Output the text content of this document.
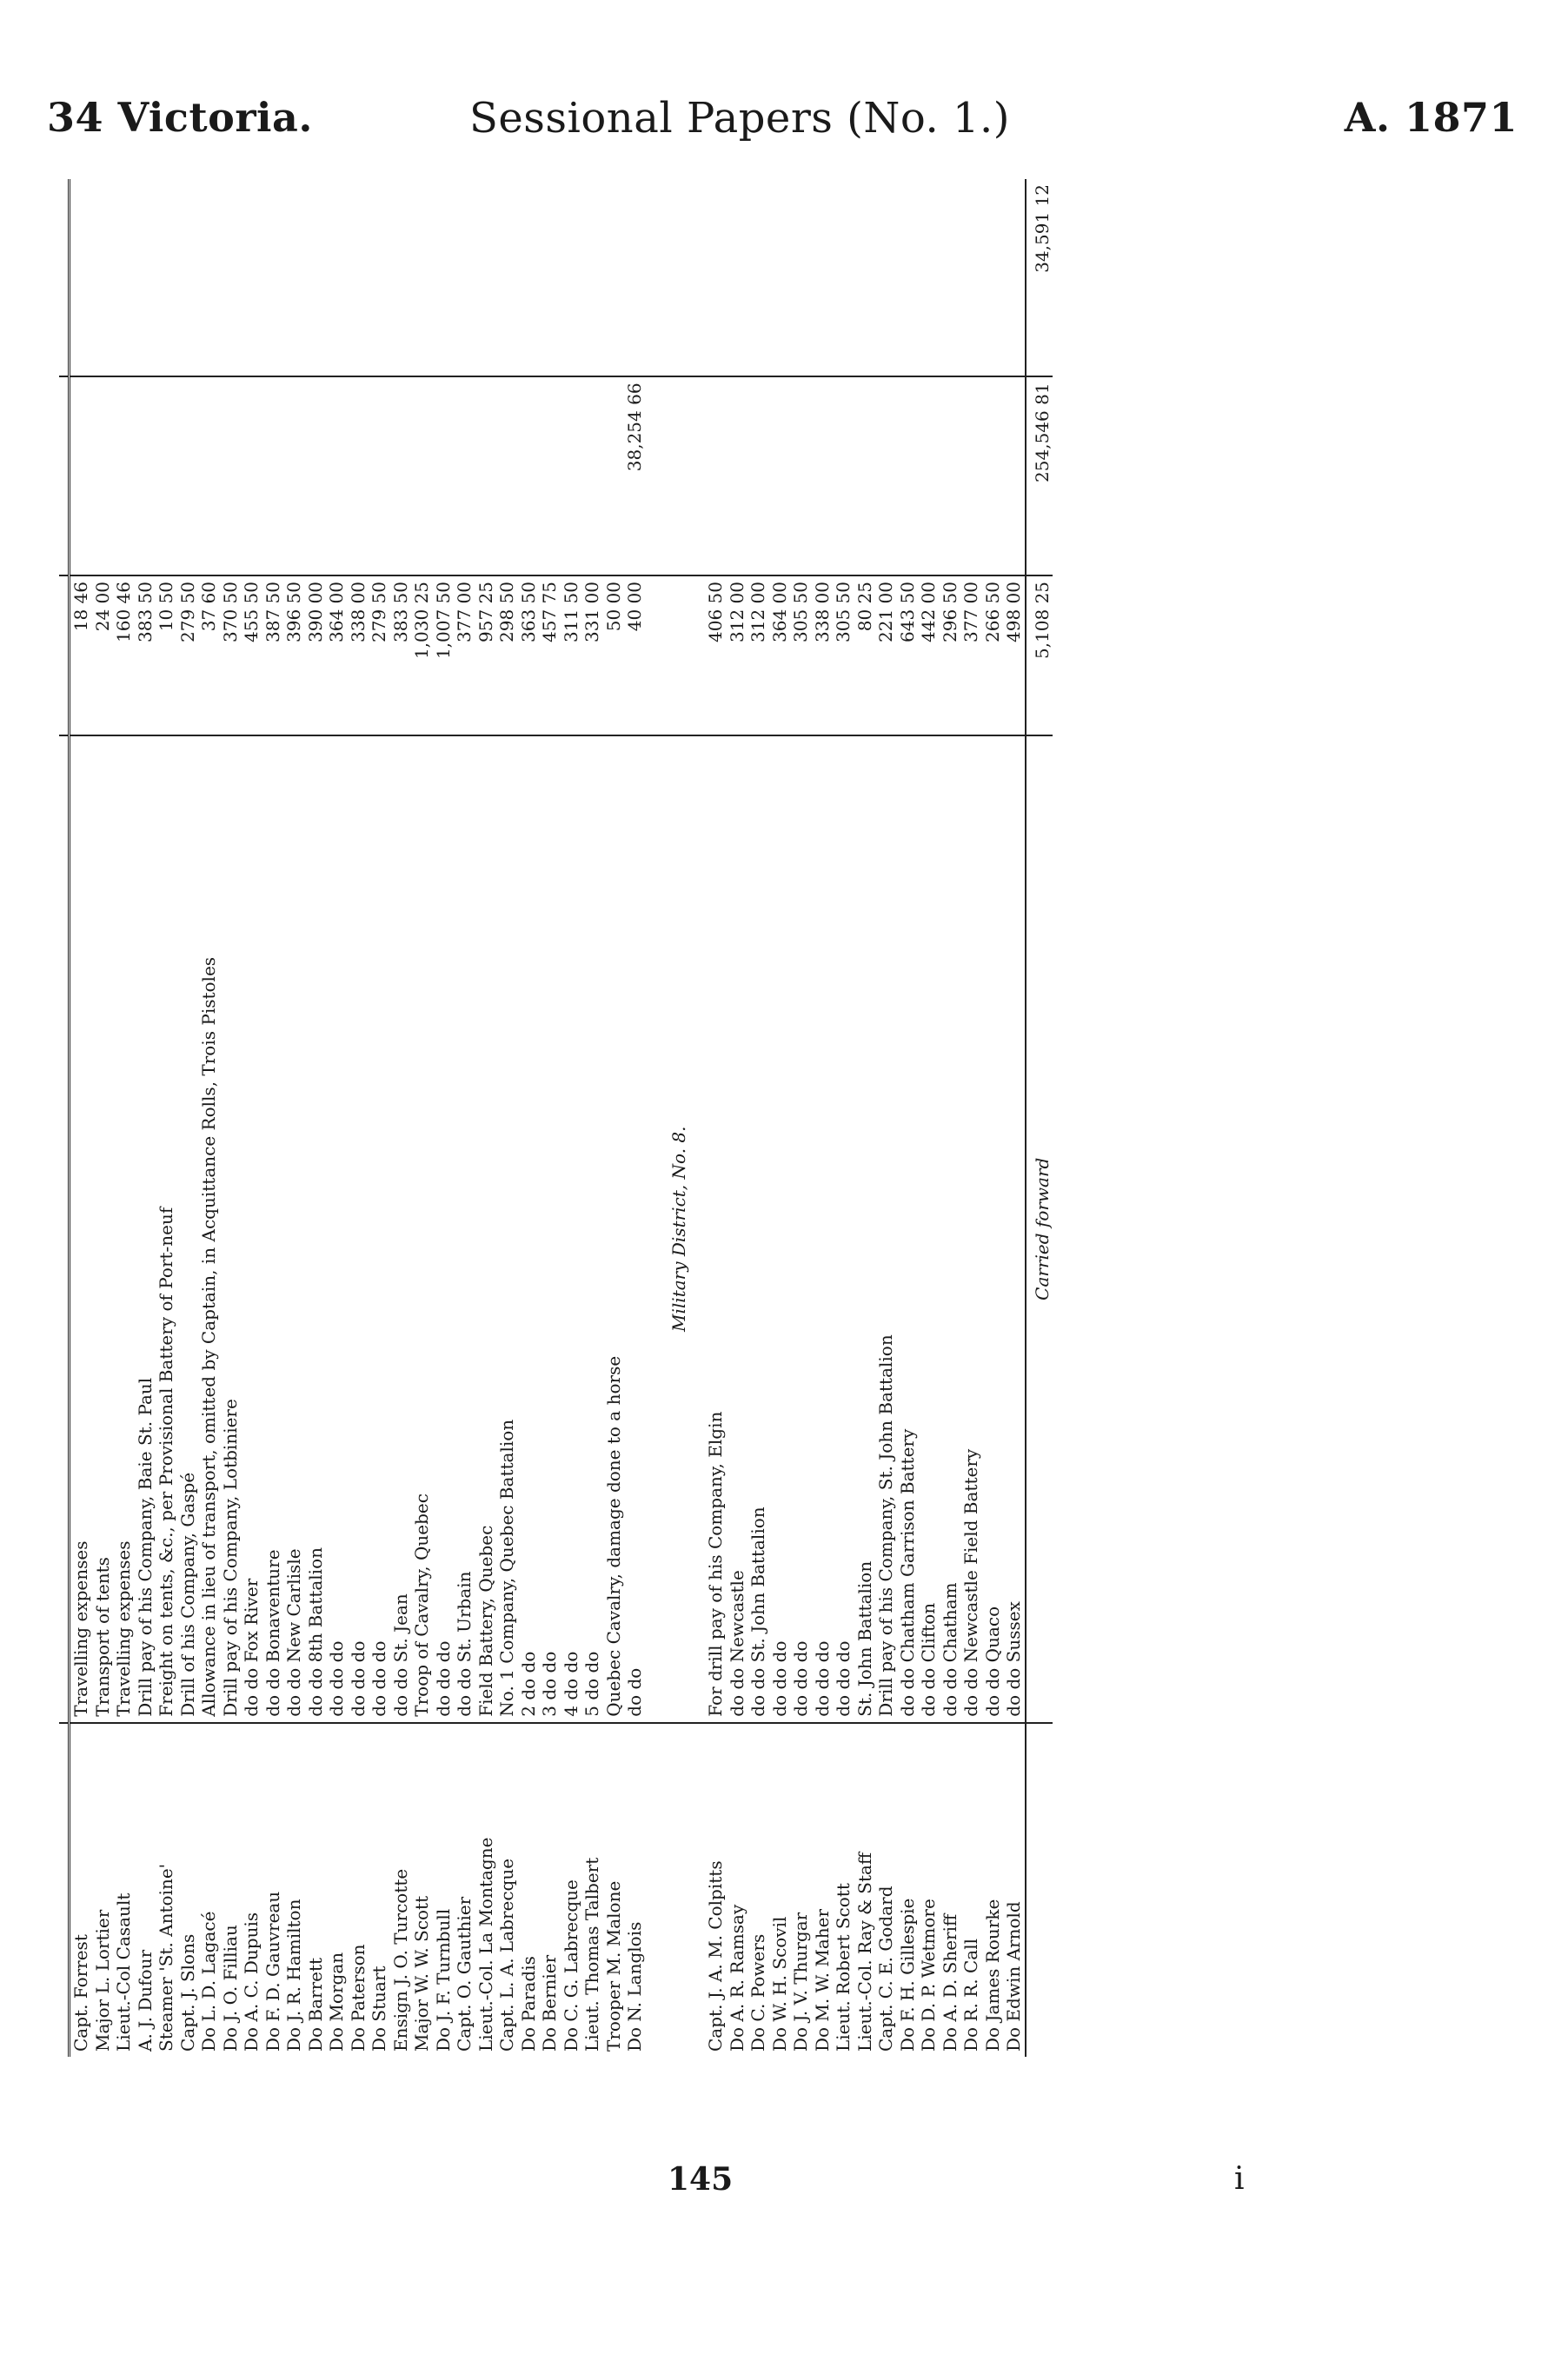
34 Victoria.	Sessional Papers (No. 1.)	A. 1871

Capt. Forrest	Travelling expenses	18 46		
Major L. Lortier	Transport of tents	24 00		
Lieut.-Col Casault	Travelling expenses	160 46		
A. J. Dufour	Drill pay of his Company, Baie St. Paul	383 50		
Steamer 'St. Antoine'	Freight on tents, &c., per Provisional Battery of Port-neuf	10 50		
Capt. J. Slons	Drill of his Company, Gaspé	279 50		
Do L. D. Lagacé	Allowance in lieu of transport, omitted by Captain, in Acquittance Rolls, Trois Pistoles	37 60		
Do J. O. Filliau	Drill pay of his Company, Lotbiniere	370 50		
Do A. C. Dupuis	do do Fox River	455 50		
Do F. D. Gauvreau	do do Bonaventure	387 50		
Do J. R. Hamilton	do do New Carlisle	396 50		
Do Barrett	do do 8th Battalion	390 00		
Do Morgan	do do do	364 00		
Do Paterson	do do do	338 00		
Do Stuart	do do do	279 50		
Ensign J. O. Turcotte	do do St. Jean	383 50		
Major W. W. Scott	Troop of Cavalry, Quebec	1,030 25		
Do J. F. Turnbull	do do do	1,007 50		
Capt. O. Gauthier	do do St. Urbain	377 00		
Lieut.-Col. La Montagne	Field Battery, Quebec	957 25		
Capt. L. A. Labrecque	No. 1 Company, Quebec Battalion	298 50		
Do Paradis	2 do do	363 50		
Do Bernier	3 do do	457 75		
Do C. G. Labrecque	4 do do	311 50		
Lieut. Thomas Talbert	5 do do	331 00		
Trooper M. Malone	Quebec Cavalry, damage done to a horse	50 00		
Do N. Langlois	do do	40 00	38,254 66	
	Military District, No. 8.			
Capt. J. A. M. Colpitts	For drill pay of his Company, Elgin	406 50		
Do A. R. Ramsay	do do Newcastle	312 00		
Do C. Powers	do do St. John Battalion	312 00		
Do W. H. Scovil	do do do	364 00		
Do J. V. Thurgar	do do do	305 50		
Do M. W. Maher	do do do	338 00		
Lieut. Robert Scott	do do do	305 50		
Lieut.-Col. Ray & Staff	St. John Battalion	80 25		
Capt. C. E. Godard	Drill pay of his Company, St. John Battalion	221 00		
Do F. H. Gillespie	do do Chatham Garrison Battery	643 50		
Do D. P. Wetmore	do do Clifton	442 00		
Do A. D. Sheriff	do do Chatham	296 50		
Do R. R. Call	do do Newcastle Field Battery	377 00		
Do James Rourke	do do Quaco	266 50		
Do Edwin Arnold	do do Sussex	498 00		
	Carried forward	5,108 25	254,546 81	34,591 12
145	i
